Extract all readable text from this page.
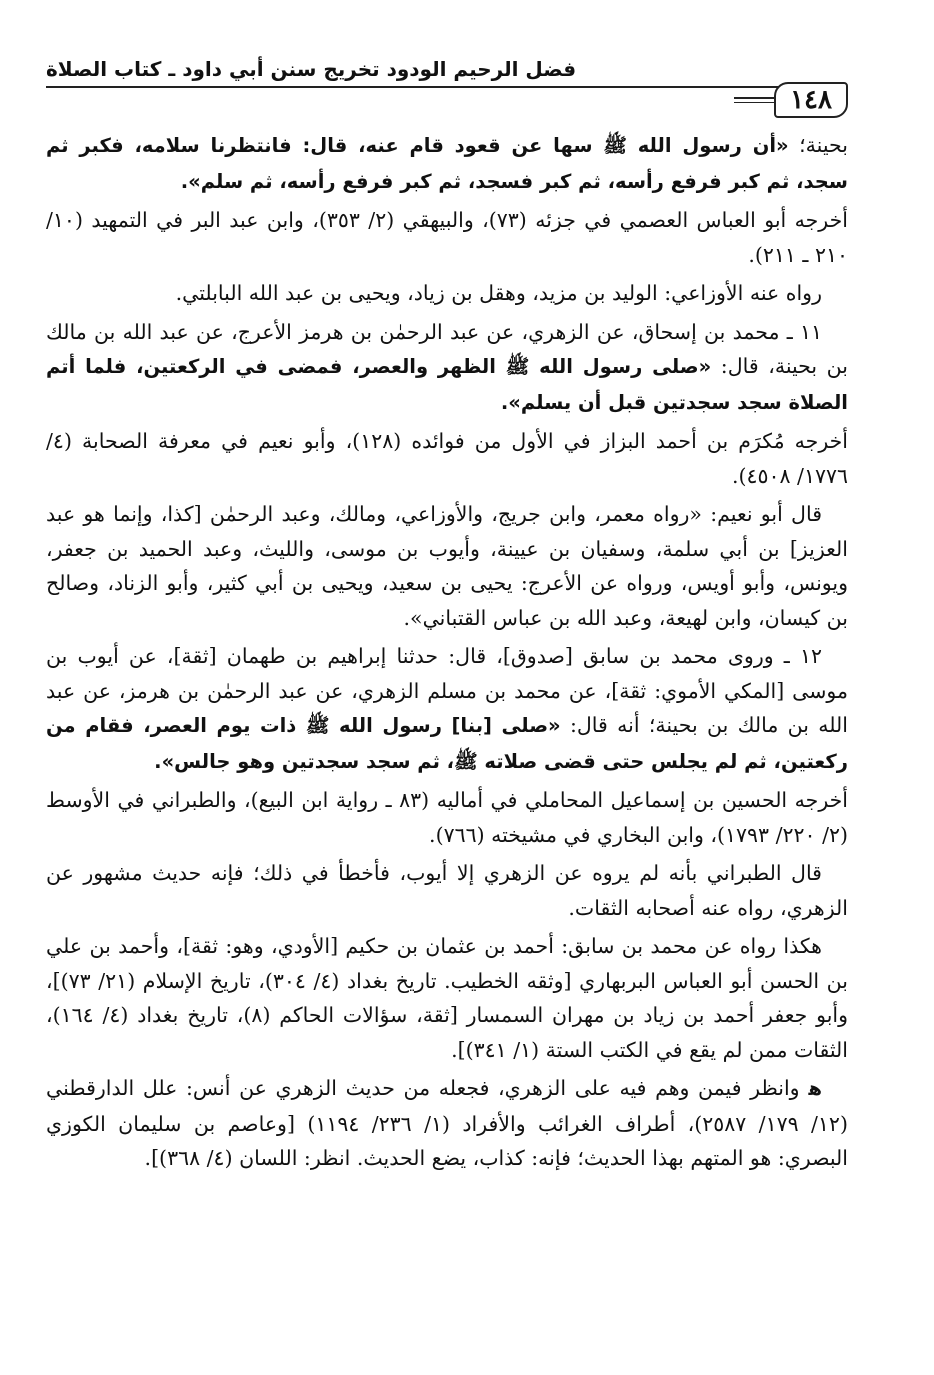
فضل الرحيم الودود تخريج سنن أبي داود ـ كتاب الصلاة
١٤٨

بحينة؛ «أن رسول الله ﷺ سها عن قعود قام عنه، قال: فانتظرنا سلامه، فكبر ثم سجد، ثم كبر فرفع رأسه، ثم كبر فسجد، ثم كبر فرفع رأسه، ثم سلم».

أخرجه أبو العباس العصمي في جزئه (٧٣)، والبيهقي (٢/ ٣٥٣)، وابن عبد البر في التمهيد (١٠/ ٢١٠ ـ ٢١١).

رواه عنه الأوزاعي: الوليد بن مزيد، وهقل بن زياد، ويحيى بن عبد الله البابلتي.

١١ ـ محمد بن إسحاق، عن الزهري، عن عبد الرحمٰن بن هرمز الأعرج، عن عبد الله بن مالك بن بحينة، قال: «صلى رسول الله ﷺ الظهر والعصر، فمضى في الركعتين، فلما أتم الصلاة سجد سجدتين قبل أن يسلم».

أخرجه مُكرَم بن أحمد البزاز في الأول من فوائده (١٢٨)، وأبو نعيم في معرفة الصحابة (٤/ ١٧٧٦/ ٤٥٠٨).

قال أبو نعيم: «رواه معمر، وابن جريج، والأوزاعي، ومالك، وعبد الرحمٰن [كذا، وإنما هو عبد العزيز] بن أبي سلمة، وسفيان بن عيينة، وأيوب بن موسى، والليث، وعبد الحميد بن جعفر، ويونس، وأبو أويس، ورواه عن الأعرج: يحيى بن سعيد، ويحيى بن أبي كثير، وأبو الزناد، وصالح بن كيسان، وابن لهيعة، وعبد الله بن عباس القتباني».

١٢ ـ وروى محمد بن سابق [صدوق]، قال: حدثنا إبراهيم بن طهمان [ثقة]، عن أيوب بن موسى [المكي الأموي: ثقة]، عن محمد بن مسلم الزهري، عن عبد الرحمٰن بن هرمز، عن عبد الله بن مالك بن بحينة؛ أنه قال: «صلى [بنا] رسول الله ﷺ ذات يوم العصر، فقام من ركعتين، ثم لم يجلس حتى قضى صلاته ﷺ، ثم سجد سجدتين وهو جالس».

أخرجه الحسين بن إسماعيل المحاملي في أماليه (٨٣ ـ رواية ابن البيع)، والطبراني في الأوسط (٢/ ٢٢٠/ ١٧٩٣)، وابن البخاري في مشيخته (٧٦٦).

قال الطبراني بأنه لم يروه عن الزهري إلا أيوب، فأخطأ في ذلك؛ فإنه حديث مشهور عن الزهري، رواه عنه أصحابه الثقات.

هكذا رواه عن محمد بن سابق: أحمد بن عثمان بن حكيم [الأودي، وهو: ثقة]، وأحمد بن علي بن الحسن أبو العباس البربهاري [وثقه الخطيب. تاريخ بغداد (٤/ ٣٠٤)، تاريخ الإسلام (٢١/ ٧٣)]، وأبو جعفر أحمد بن زياد بن مهران السمسار [ثقة، سؤالات الحاكم (٨)، تاريخ بغداد (٤/ ١٦٤)، الثقات ممن لم يقع في الكتب الستة (١/ ٣٤١)].

ﻫ وانظر فيمن وهم فيه على الزهري، فجعله من حديث الزهري عن أنس: علل الدارقطني (١٢/ ١٧٩/ ٢٥٨٧)، أطراف الغرائب والأفراد (١/ ٢٣٦/ ١١٩٤) [وعاصم بن سليمان الكوزي البصري: هو المتهم بهذا الحديث؛ فإنه: كذاب، يضع الحديث. انظر: اللسان (٤/ ٣٦٨)].
